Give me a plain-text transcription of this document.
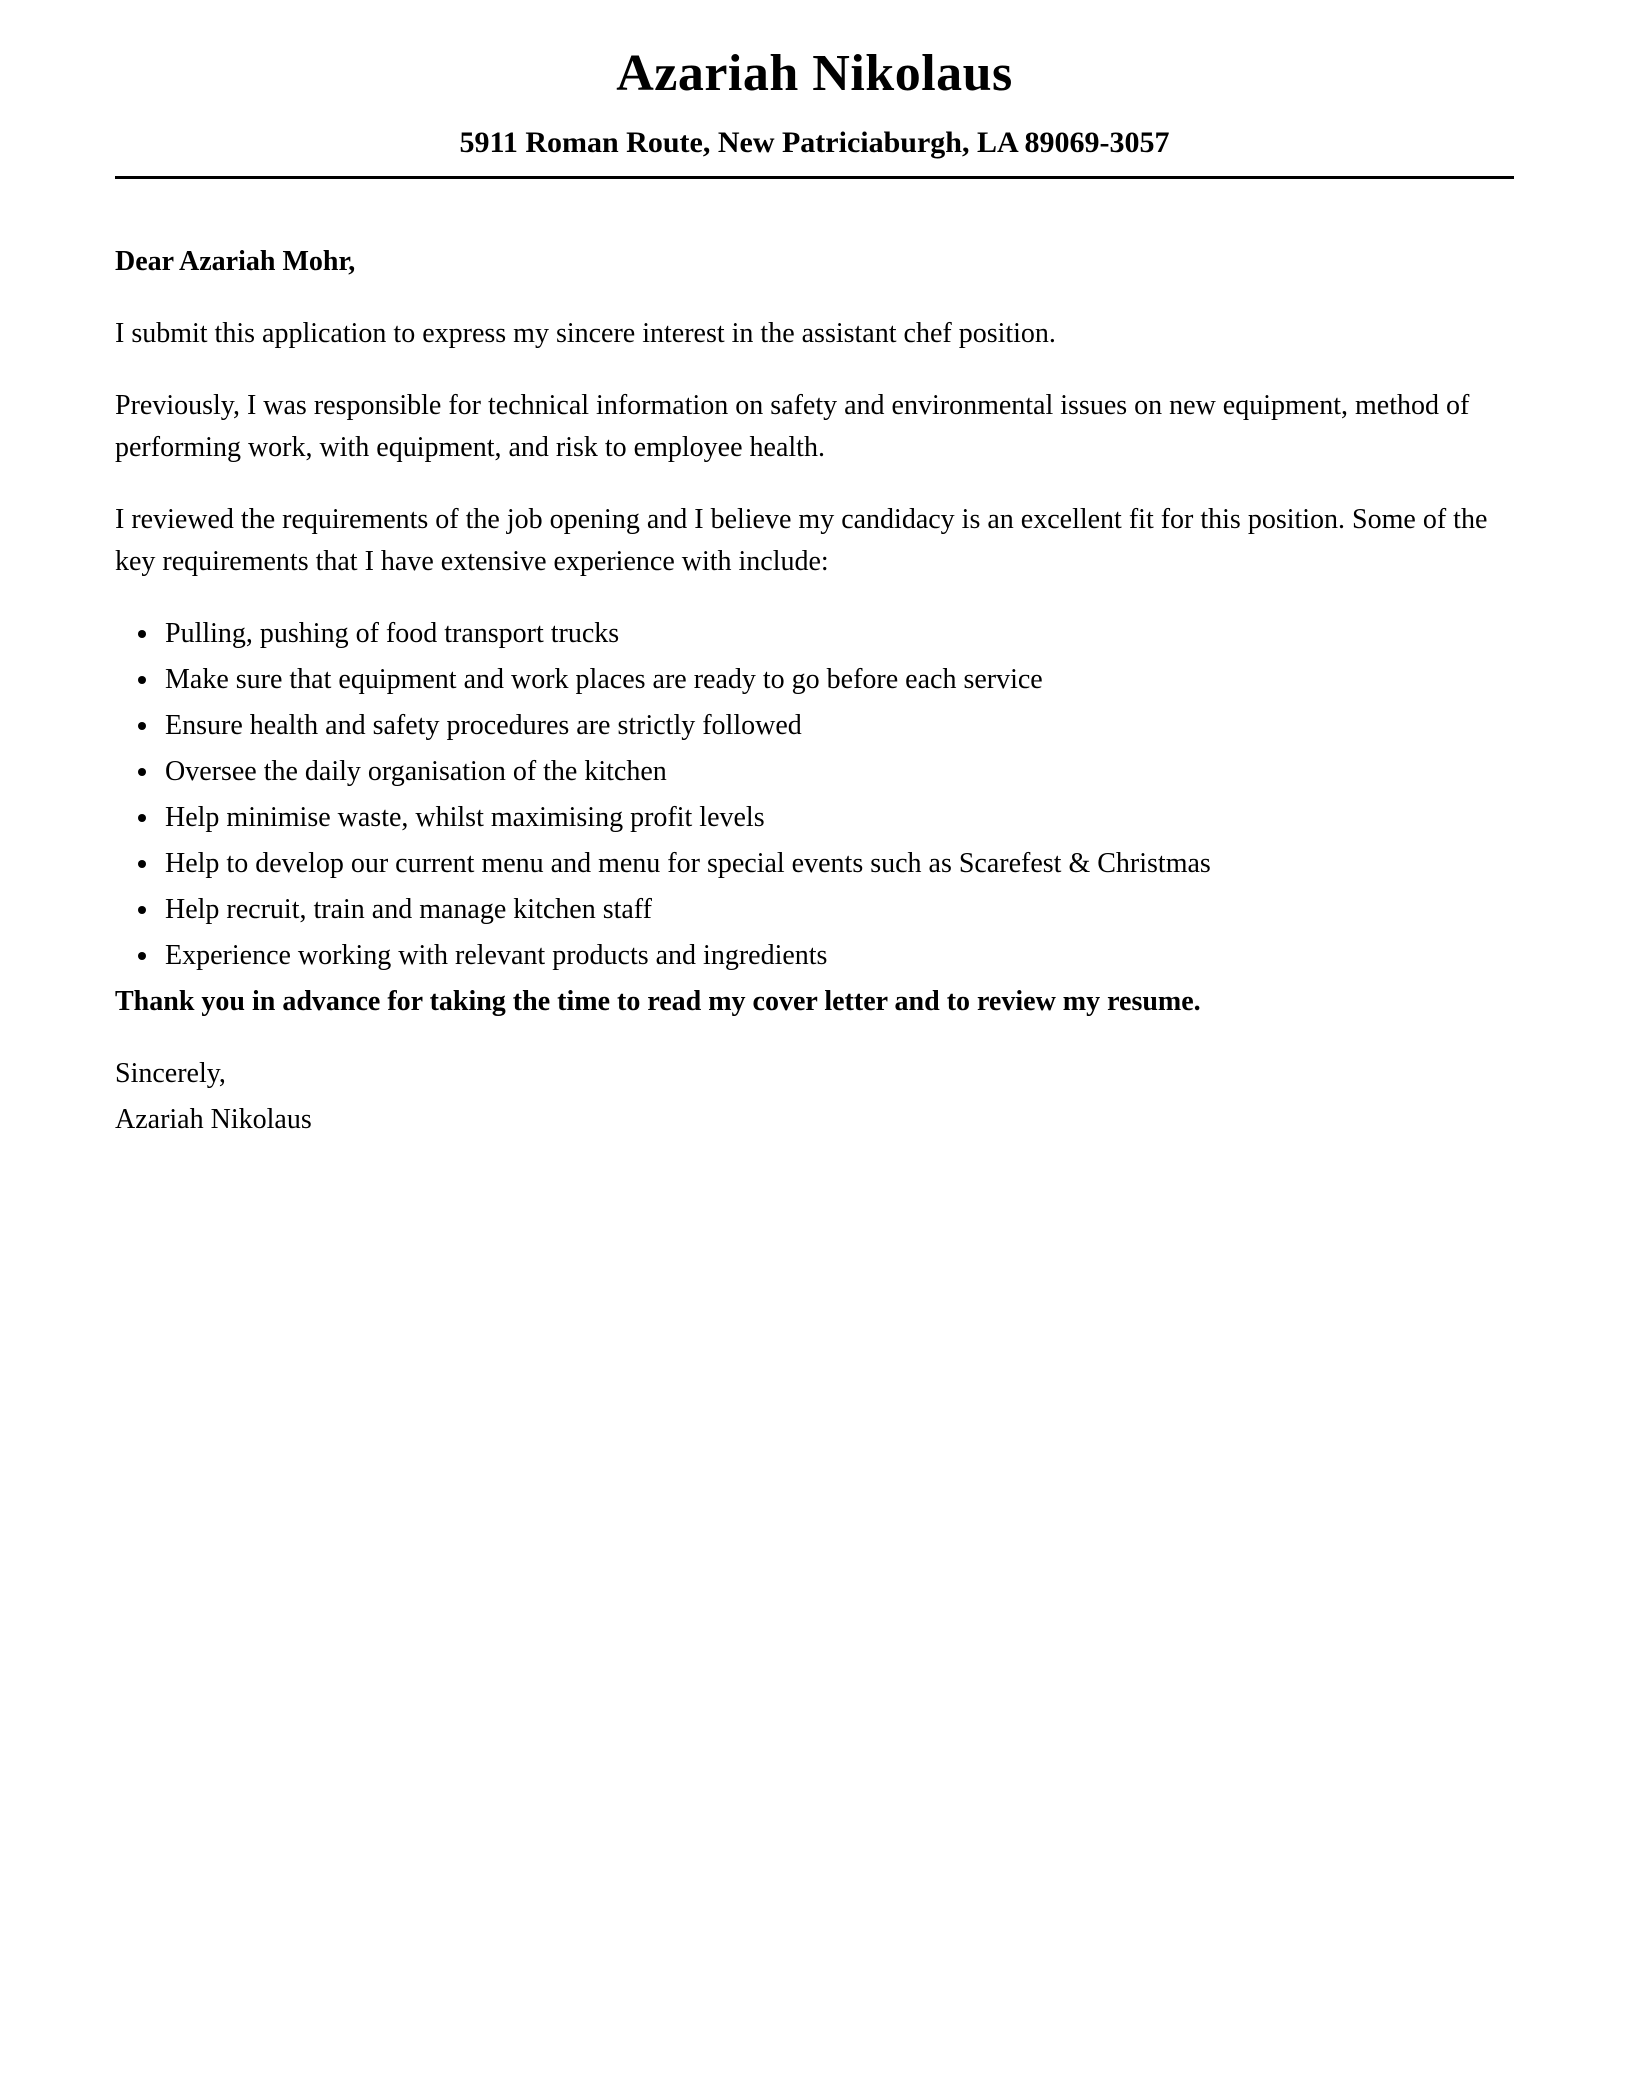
Azariah Nikolaus
5911 Roman Route, New Patriciaburgh, LA 89069-3057

Dear Azariah Mohr,

I submit this application to express my sincere interest in the assistant chef position.

Previously, I was responsible for technical information on safety and environmental issues on new equipment, method of performing work, with equipment, and risk to employee health.

I reviewed the requirements of the job opening and I believe my candidacy is an excellent fit for this position. Some of the key requirements that I have extensive experience with include:

• Pulling, pushing of food transport trucks
• Make sure that equipment and work places are ready to go before each service
• Ensure health and safety procedures are strictly followed
• Oversee the daily organisation of the kitchen
• Help minimise waste, whilst maximising profit levels
• Help to develop our current menu and menu for special events such as Scarefest & Christmas
• Help recruit, train and manage kitchen staff
• Experience working with relevant products and ingredients

Thank you in advance for taking the time to read my cover letter and to review my resume.

Sincerely,

Azariah Nikolaus
